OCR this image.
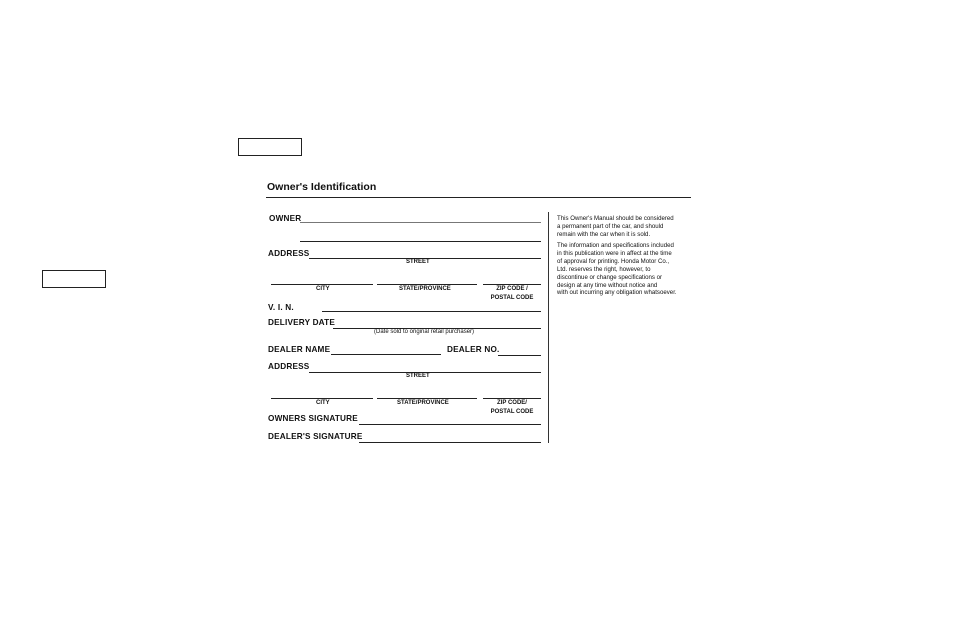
Owner's Identification
OWNER
ADDRESS
STREET
CITY	STATE/PROVINCE	ZIP CODE /
POSTAL CODE
V. I. N.
DELIVERY DATE
(Date sold to original retail purchaser)
DEALER NAME	DEALER NO.
ADDRESS
STREET
CITY	STATE/PROVINCE	ZIP CODE/
POSTAL CODE
OWNERS SIGNATURE
DEALER'S SIGNATURE
This Owner's Manual should be considered
a permanent part of the car, and should
remain with the car when it is sold.
The information and specifications included
in this publication were in affect at the time
of approval for printing. Honda Motor Co.,
Ltd. reserves the right, however, to
discontinue or change specifications or
design at any time without notice and
with out incurring any obligation whatsoever.
